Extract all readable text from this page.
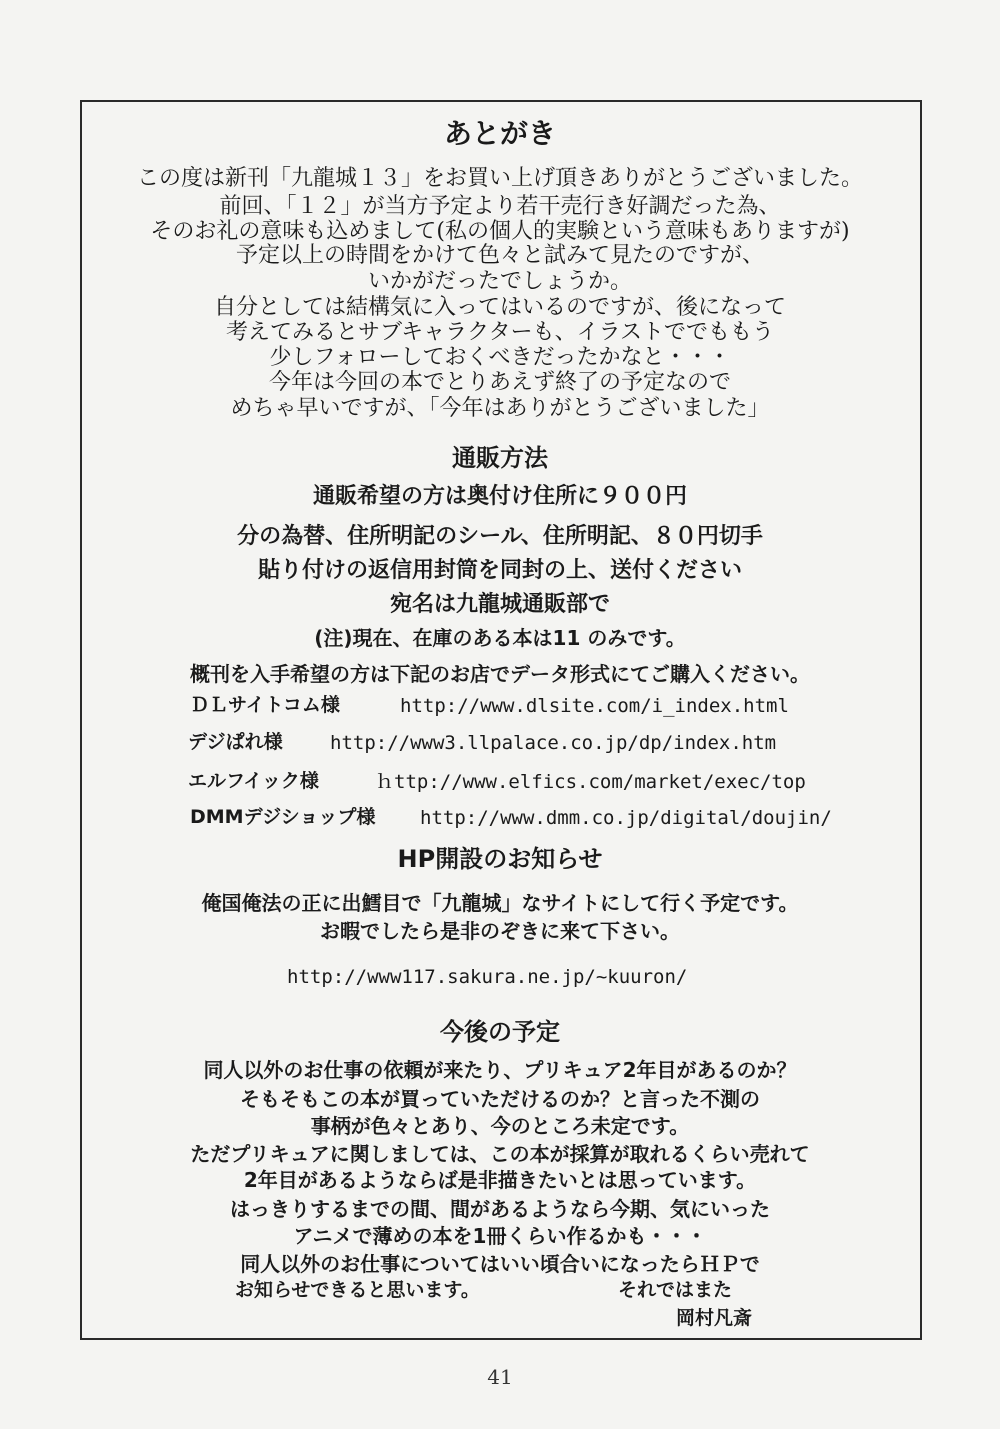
あとがき
この度は新刊「九龍城１３」をお買い上げ頂きありがとうございました。
前回、「１２」が当方予定より若干売行き好調だった為、
そのお礼の意味も込めまして(私の個人的実験という意味もありますが)
予定以上の時間をかけて色々と試みて見たのですが、
いかがだったでしょうか。
自分としては結構気に入ってはいるのですが、後になって
考えてみるとサブキャラクターも、イラストででももう
少しフォローしておくべきだったかなと・・・
今年は今回の本でとりあえず終了の予定なので
めちゃ早いですが、「今年はありがとうございました」
通販方法
通販希望の方は奥付け住所に９００円
分の為替、住所明記のシール、住所明記、８０円切手
貼り付けの返信用封筒を同封の上、送付ください
宛名は九龍城通販部で
(注)現在、在庫のある本は11 のみです。
概刊を入手希望の方は下記のお店でデータ形式にてご購入ください。
ＤＬサイトコム様	http://www.dlsite.com/i_index.html
デジぱれ様 http://www3.llpalace.co.jp/dp/index.htm
エルフイック様	ｈttp://www.elfics.com/market/exec/top
DMMデジショップ様 http://www.dmm.co.jp/digital/doujin/
HP開設のお知らせ
俺国俺法の正に出鱈目で「九龍城」なサイトにして行く予定です。
お暇でしたら是非のぞきに来て下さい。
http://www117.sakura.ne.jp/~kuuron/
今後の予定
同人以外のお仕事の依頼が来たり、プリキュア2年目があるのか？
そもそもこの本が買っていただけるのか？と言った不測の
事柄が色々とあり、今のところ未定です。
ただプリキュアに関しましては、この本が採算が取れるくらい売れて
2年目があるようならば是非描きたいとは思っています。
はっきりするまでの間、間があるようなら今期、気にいった
アニメで薄めの本を1冊くらい作るかも・・・
同人以外のお仕事についてはいい頃合いになったらＨＰで
お知らせできると思います。	それではまた
岡村凡斎
41
